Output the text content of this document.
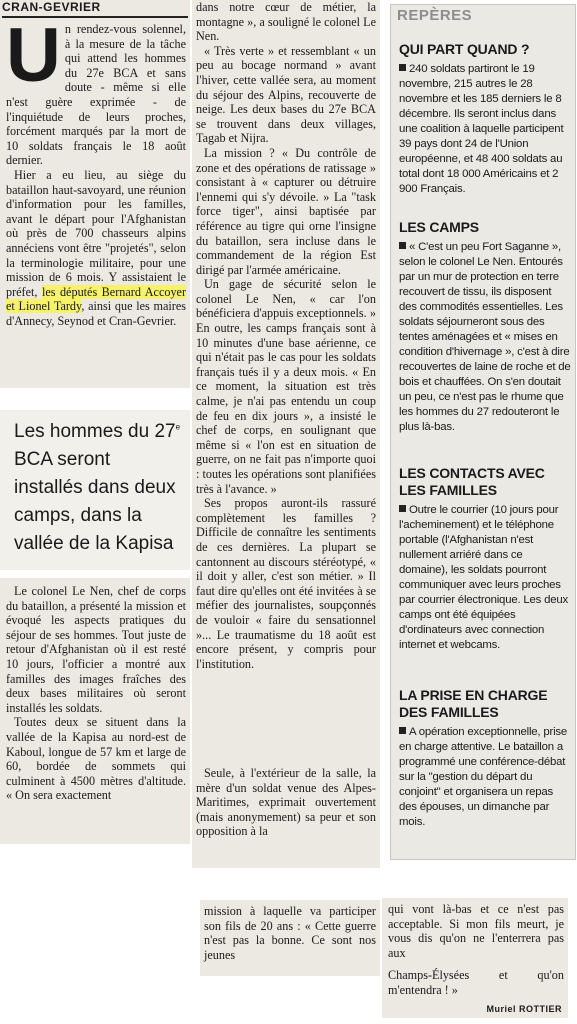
CRAN-GEVRIER

Un rendez-vous solennel, à la mesure de la tâche qui attend les hommes du 27e BCA et sans doute - même si elle n'est guère exprimée - de l'inquiétude de leurs proches, forcément marqués par la mort de 10 soldats français le 18 août dernier.

Hier a eu lieu, au siège du bataillon haut-savoyard, une réunion d'information pour les familles, avant le départ pour l'Afghanistan où près de 700 chasseurs alpins annéciens vont être "projetés", selon la terminologie militaire, pour une mission de 6 mois. Y assistaient le préfet, les députés Bernard Accoyer et Lionel Tardy, ainsi que les maires d'Annecy, Seynod et Cran-Gevrier.

Les hommes du 27e BCA seront installés dans deux camps, dans la vallée de la Kapisa

Le colonel Le Nen, chef de corps du bataillon, a présenté la mission et évoqué les aspects pratiques du séjour de ses hommes. Tout juste de retour d'Afghanistan où il est resté 10 jours, l'officier a montré aux familles des images fraîches des deux bases militaires où seront installés les soldats.

Toutes deux se situent dans la vallée de la Kapisa au nord-est de Kaboul, longue de 57 km et large de 60, bordée de sommets qui culminent à 4500 mètres d'altitude. « On sera exactement

dans notre cœur de métier, la montagne », a souligné le colonel Le Nen.

« Très verte » et ressemblant « un peu au bocage normand » avant l'hiver, cette vallée sera, au moment du séjour des Alpins, recouverte de neige. Les deux bases du 27e BCA se trouvent dans deux villages, Tagab et Nijra.

La mission ? « Du contrôle de zone et des opérations de ratissage » consistant à « capturer ou détruire l'ennemi qui s'y dévoile. » La "task force tiger", ainsi baptisée par référence au tigre qui orne l'insigne du bataillon, sera incluse dans le commandement de la région Est dirigé par l'armée américaine.

Un gage de sécurité selon le colonel Le Nen, « car l'on bénéficiera d'appuis exceptionnels. » En outre, les camps français sont à 10 minutes d'une base aérienne, ce qui n'était pas le cas pour les soldats français tués il y a deux mois. « En ce moment, la situation est très calme, je n'ai pas entendu un coup de feu en dix jours », a insisté le chef de corps, en soulignant que même si « l'on est en situation de guerre, on ne fait pas n'importe quoi : toutes les opérations sont planifiées très à l'avance. »

Ses propos auront-ils rassuré complètement les familles ? Difficile de connaître les sentiments de ces dernières. La plupart se cantonnent au discours stéréotypé, « il doit y aller, c'est son métier. » Il faut dire qu'elles ont été invitées à se méfier des journalistes, soupçonnés de vouloir « faire du sensationnel »... Le traumatisme du 18 août est encore présent, y compris pour l'institution.

Seule, à l'extérieur de la salle, la mère d'un soldat venue des Alpes-Maritimes, exprimait ouvertement (mais anonymement) sa peur et son opposition à la

mission à laquelle va participer son fils de 20 ans : « Cette guerre n'est pas la bonne. Ce sont nos jeunes
qui vont là-bas et ce n'est pas acceptable. Si mon fils meurt, je vous dis qu'on ne l'enterrera pas aux
Champs-Élysées et qu'on m'entendra ! »
Muriel ROTTIER
REPÈRES
QUI PART QUAND ?
240 soldats partiront le 19 novembre, 215 autres le 28 novembre et les 185 derniers le 8 décembre. Ils seront inclus dans une coalition à laquelle participent 39 pays dont 24 de l'Union européenne, et 48 400 soldats au total dont 18 000 Américains et 2 900 Français.
LES CAMPS
« C'est un peu Fort Saganne », selon le colonel Le Nen. Entourés par un mur de protection en terre recouvert de tissu, ils disposent des commodités essentielles. Les soldats séjourneront sous des tentes aménagées et « mises en condition d'hivernage », c'est à dire recouvertes de laine de roche et de bois et chauffées. On s'en doutait un peu, ce n'est pas le rhume que les hommes du 27 redouteront le plus là-bas.
LES CONTACTS AVEC LES FAMILLES
Outre le courrier (10 jours pour l'acheminement) et le téléphone portable (l'Afghanistan n'est nullement arriéré dans ce domaine), les soldats pourront communiquer avec leurs proches par courrier électronique. Les deux camps ont été équipées d'ordinateurs avec connection internet et webcams.
LA PRISE EN CHARGE DES FAMILLES
A opération exceptionnelle, prise en charge attentive. Le bataillon a programmé une conférence-débat sur la "gestion du départ du conjoint" et organisera un repas des épouses, un dimanche par mois.
